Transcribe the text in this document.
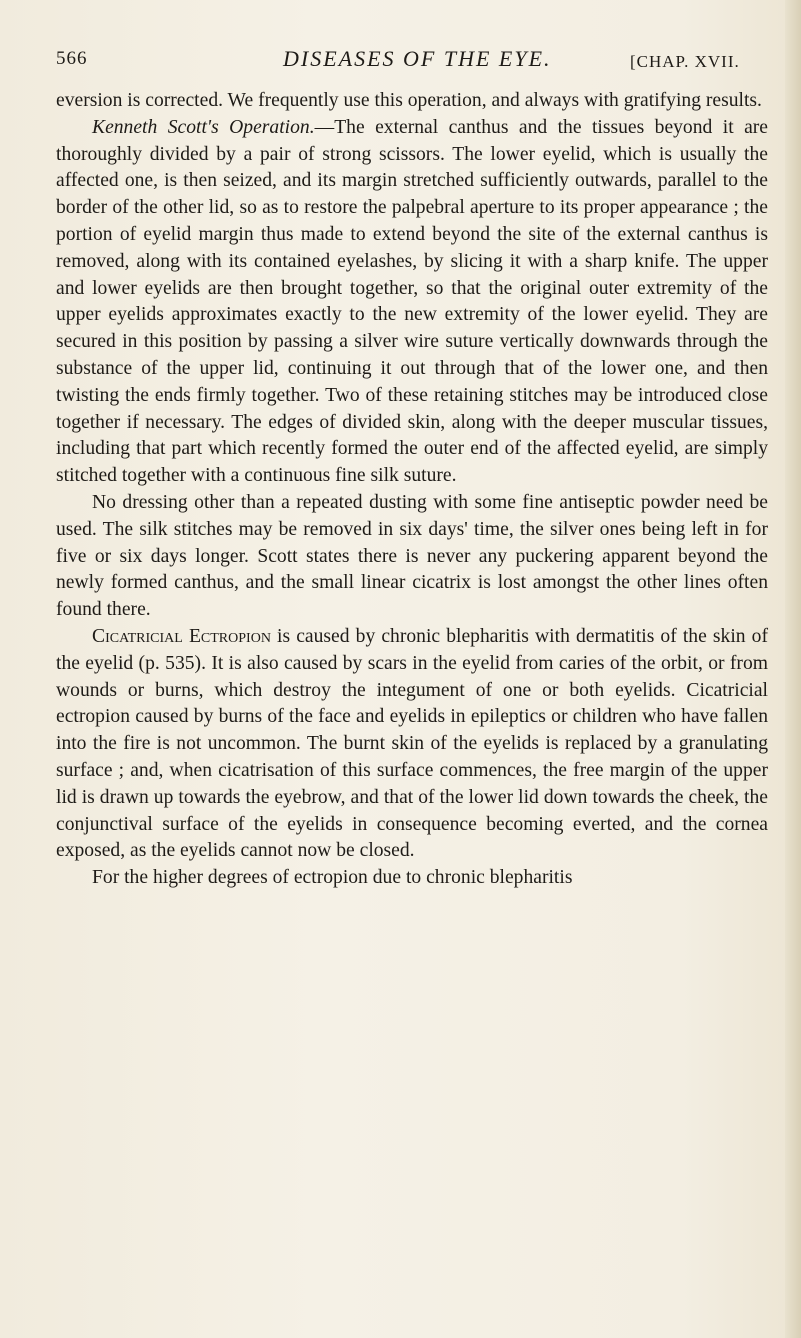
566	DISEASES OF THE EYE.	[CHAP. XVII.

eversion is corrected. We frequently use this operation, and always with gratifying results.

Kenneth Scott's Operation.—The external canthus and the tissues beyond it are thoroughly divided by a pair of strong scissors. The lower eyelid, which is usually the affected one, is then seized, and its margin stretched sufficiently outwards, parallel to the border of the other lid, so as to restore the palpebral aperture to its proper appearance ; the portion of eyelid margin thus made to extend beyond the site of the external canthus is removed, along with its contained eyelashes, by slicing it with a sharp knife. The upper and lower eyelids are then brought together, so that the original outer extremity of the upper eyelids approximates exactly to the new extremity of the lower eyelid. They are secured in this position by passing a silver wire suture vertically downwards through the substance of the upper lid, continuing it out through that of the lower one, and then twisting the ends firmly together. Two of these retaining stitches may be introduced close together if necessary. The edges of divided skin, along with the deeper muscular tissues, including that part which recently formed the outer end of the affected eyelid, are simply stitched together with a continuous fine silk suture.

No dressing other than a repeated dusting with some fine antiseptic powder need be used. The silk stitches may be removed in six days' time, the silver ones being left in for five or six days longer. Scott states there is never any puckering apparent beyond the newly formed canthus, and the small linear cicatrix is lost amongst the other lines often found there.

Cicatricial Ectropion is caused by chronic blepharitis with dermatitis of the skin of the eyelid (p. 535). It is also caused by scars in the eyelid from caries of the orbit, or from wounds or burns, which destroy the integument of one or both eyelids. Cicatricial ectropion caused by burns of the face and eyelids in epileptics or children who have fallen into the fire is not uncommon. The burnt skin of the eyelids is replaced by a granulating surface ; and, when cicatrisation of this surface commences, the free margin of the upper lid is drawn up towards the eyebrow, and that of the lower lid down towards the cheek, the conjunctival surface of the eyelids in consequence becoming everted, and the cornea exposed, as the eyelids cannot now be closed.

For the higher degrees of ectropion due to chronic blepharitis
